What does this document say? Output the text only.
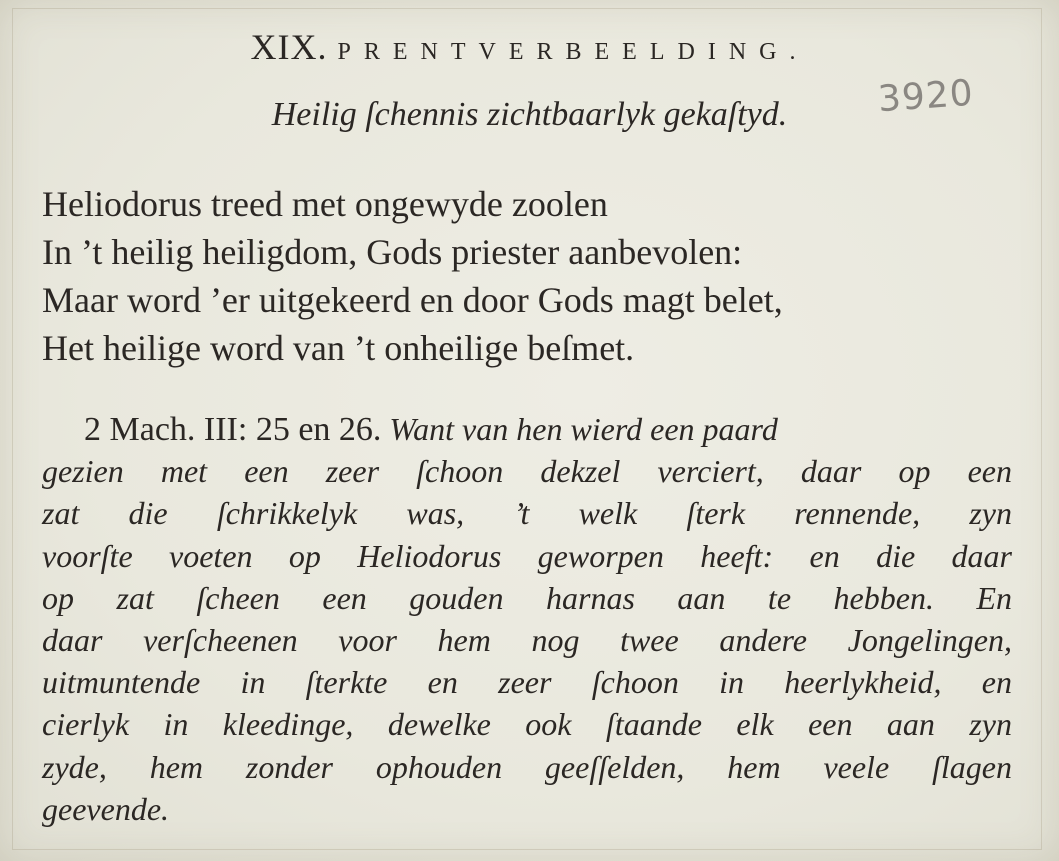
XIX. PRENTVERBEELDING.
Heilig ſchennis zichtbaarlyk gekaſtyd.	3920
Heliodorus treed met ongewyde zoolen
In ’t heilig heiligdom, Gods priester aanbevolen:
Maar word ’er uitgekeerd en door Gods magt belet,
Het heilige word van ’t onheilige beſmet.
2 Mach. III: 25 en 26. Want van hen wierd een paard
gezien met een zeer ſchoon dekzel verciert, daar op een
zat die ſchrikkelyk was, ’t welk ſterk rennende, zyn
voorſte voeten op Heliodorus geworpen heeft: en die daar
op zat ſcheen een gouden harnas aan te hebben. En
daar verſcheenen voor hem nog twee andere Jongelingen,
uitmuntende in ſterkte en zeer ſchoon in heerlykheid, en
cierlyk in kleedinge, dewelke ook ſtaande elk een aan zyn
zyde, hem zonder ophouden geeſſelden, hem veele ſlagen
geevende.
